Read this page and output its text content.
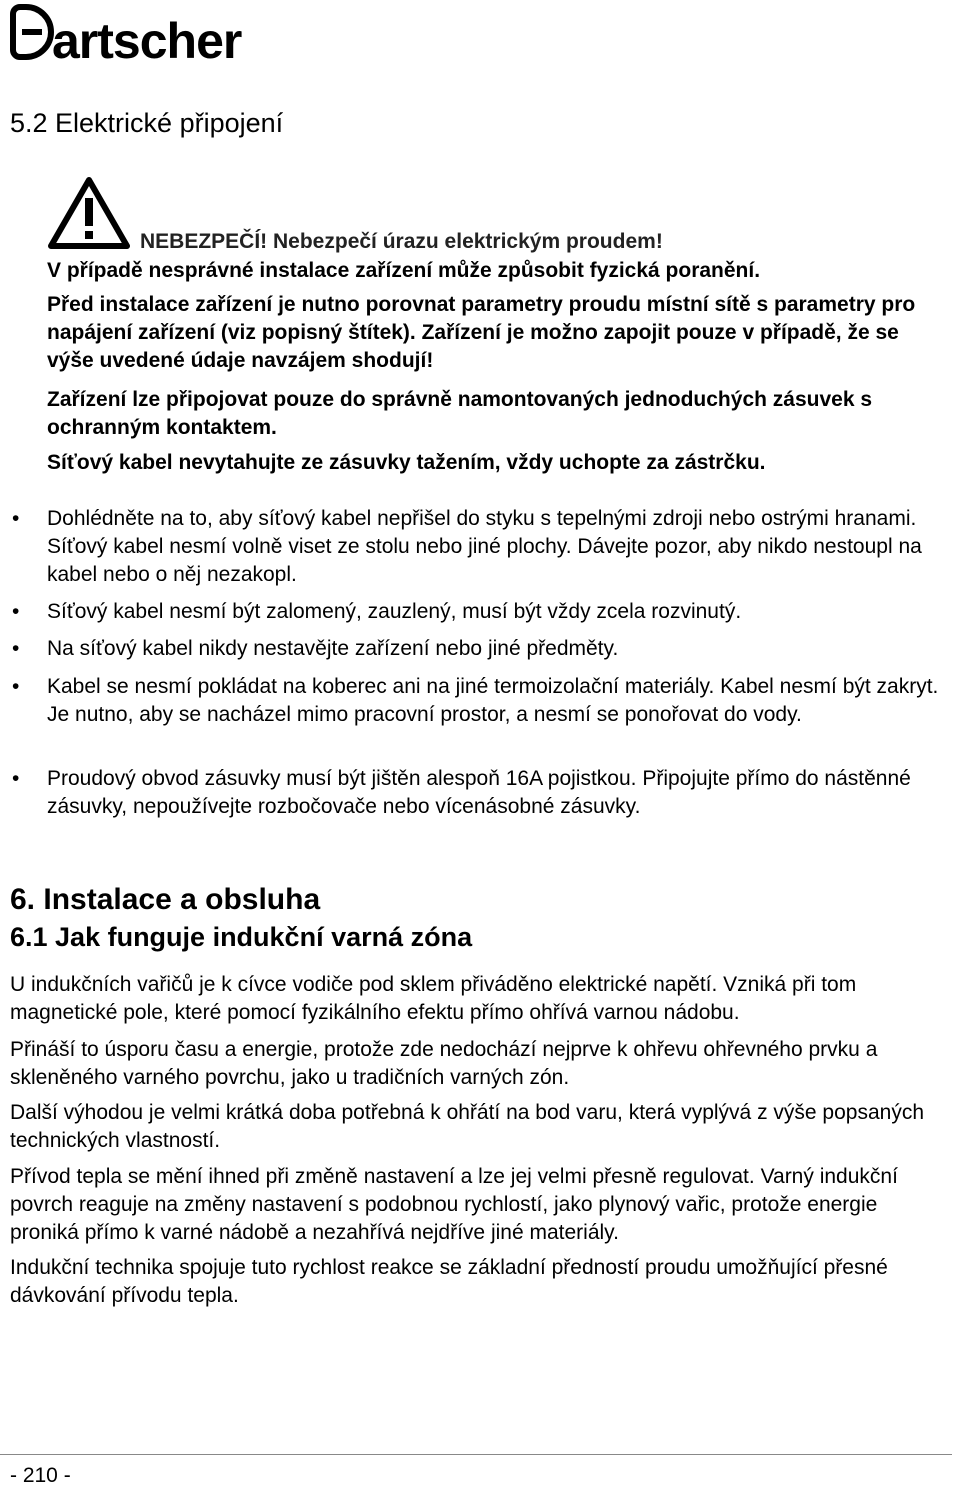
artscher
5.2 Elektrické připojení
NEBEZPEČÍ! Nebezpečí úrazu elektrickým proudem!

V případě nesprávné instalace zařízení může způsobit fyzická poranění.

Před instalace zařízení je nutno porovnat parametry proudu místní sítě s parametry pro napájení zařízení (viz popisný štítek). Zařízení je možno zapojit pouze v případě, že se výše uvedené údaje navzájem shodují!

Zařízení lze připojovat pouze do správně namontovaných jednoduchých zásuvek s ochranným kontaktem.

Síťový kabel nevytahujte ze zásuvky tažením, vždy uchopte za zástrčku.

•	Dohlédněte na to, aby síťový kabel nepřišel do styku s tepelnými zdroji nebo ostrými hranami. Síťový kabel nesmí volně viset ze stolu nebo jiné plochy. Dávejte pozor, aby nikdo nestoupl na kabel nebo o něj nezakopl.
•	Síťový kabel nesmí být zalomený, zauzlený, musí být vždy zcela rozvinutý.
•	Na síťový kabel nikdy nestavějte zařízení nebo jiné předměty.
•	Kabel se nesmí pokládat na koberec ani na jiné termoizolační materiály. Kabel nesmí být zakryt. Je nutno, aby se nacházel mimo pracovní prostor, a nesmí se ponořovat do vody.
•	Proudový obvod zásuvky musí být jištěn alespoň 16A pojistkou. Připojujte přímo do nástěnné zásuvky, nepoužívejte rozbočovače nebo vícenásobné zásuvky.
6. Instalace a obsluha
6.1 Jak funguje indukční varná zóna

U indukčních vařičů je k cívce vodiče pod sklem přiváděno elektrické napětí. Vzniká při tom magnetické pole, které pomocí fyzikálního efektu přímo ohřívá varnou nádobu.

Přináší to úsporu času a energie, protože zde nedochází nejprve k ohřevu ohřevného prvku a skleněného varného povrchu, jako u tradičních varných zón.

Další výhodou je velmi krátká doba potřebná k ohřátí na bod varu, která vyplývá z výše popsaných technických vlastností.

Přívod tepla se mění ihned při změně nastavení a lze jej velmi přesně regulovat. Varný indukční povrch reaguje na změny nastavení s podobnou rychlostí, jako plynový vařic, protože energie proniká přímo k varné nádobě a nezahřívá nejdříve jiné materiály.

Indukční technika spojuje tuto rychlost reakce se základní předností proudu umožňující přesné dávkování přívodu tepla.

- 210 -
